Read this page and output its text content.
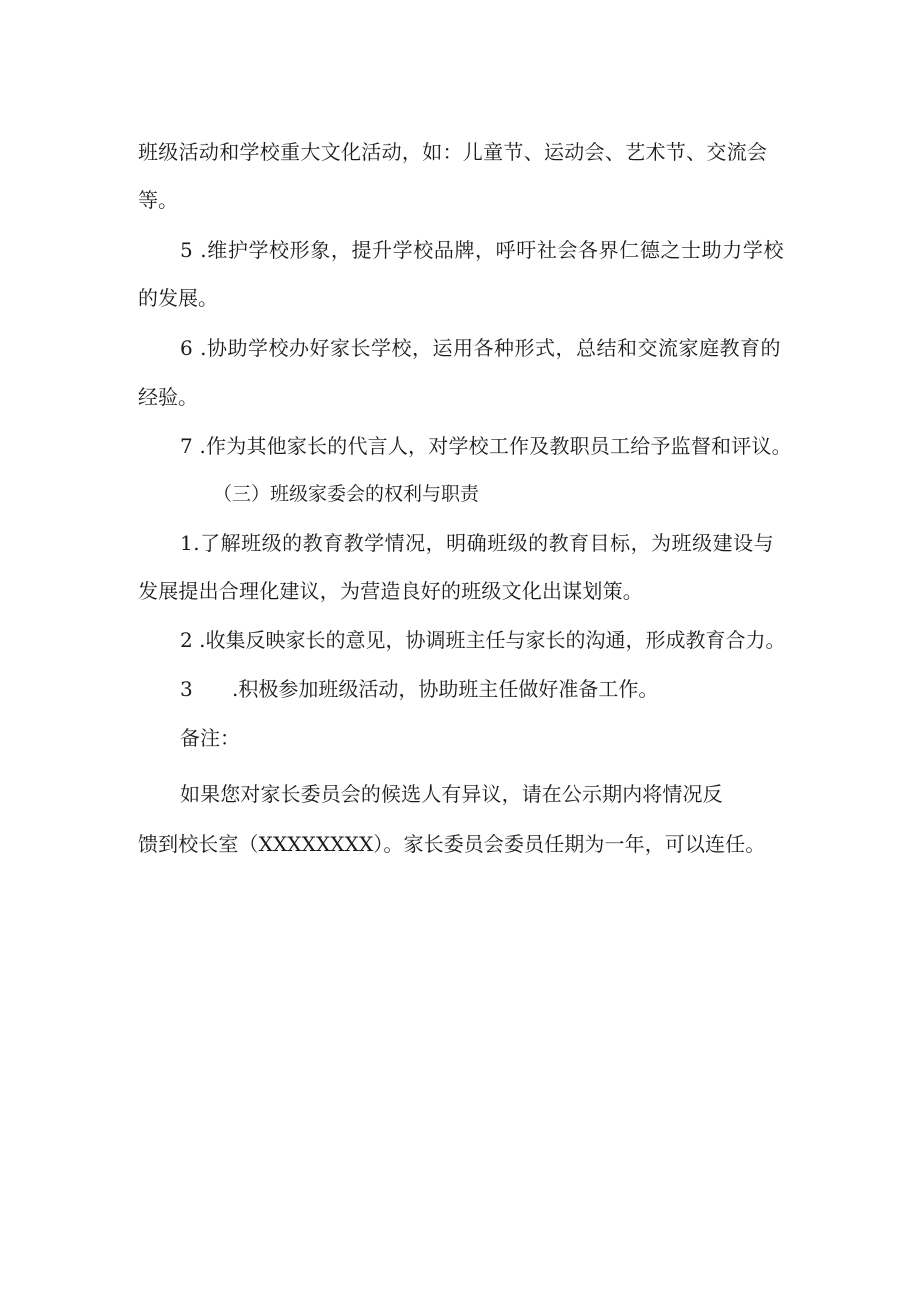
班级活动和学校重大文化活动，如：儿童节、运动会、艺术节、交流会
等。
5 .维护学校形象，提升学校品牌，呼吁社会各界仁德之士助力学校
的发展。
6 .协助学校办好家长学校，运用各种形式，总结和交流家庭教育的
经验。
7 .作为其他家长的代言人，对学校工作及教职员工给予监督和评议。
（三）班级家委会的权利与职责
1.了解班级的教育教学情况，明确班级的教育目标，为班级建设与
发展提出合理化建议，为营造良好的班级文化出谋划策。
2 .收集反映家长的意见，协调班主任与家长的沟通，形成教育合力。
3 .积极参加班级活动，协助班主任做好准备工作。
备注：
如果您对家长委员会的候选人有异议，请在公示期内将情况反
馈到校长室（XXXXXXXX）。家长委员会委员任期为一年，可以连任。
